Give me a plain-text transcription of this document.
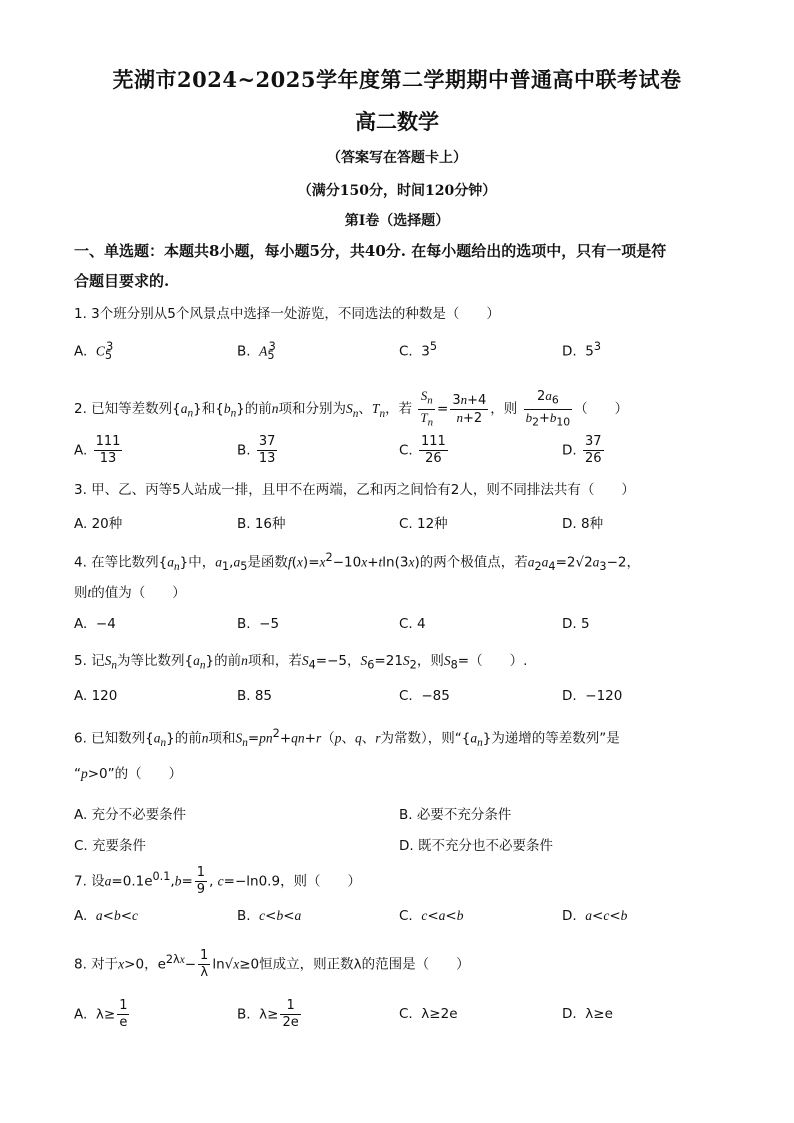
芜湖市2024~2025学年度第二学期期中普通高中联考试卷
高二数学
（答案写在答题卡上）
（满分150分，时间120分钟）
第Ⅰ卷（选择题）
一、单选题：本题共8小题，每小题5分，共40分. 在每小题给出的选项中，只有一项是符
合题目要求的.
1. 3个班分别从5个风景点中选择一处游览，不同选法的种数是（　　）
A. $C_5^3$	B. $A_5^3$	C.  $3^5$	D.  $5^3$
2. 已知等差数列$\{a_n\}$和$\{b_n\}$的前n项和分别为$S_n$、$T_n$，若 $\frac{S_n}{T_n} = \frac{3n+4}{n+2}$ ，则 $\frac{2a_6}{b_2+b_{10}}$ （　　）
A. $\frac{111}{13}$	B. $\frac{37}{13}$	C. $\frac{111}{26}$	D. $\frac{37}{26}$
3. 甲、乙、丙等5人站成一排，且甲不在两端，乙和丙之间恰有2人，则不同排法共有（　　）
A. 20种	B. 16种	C. 12种	D. 8种
4. 在等比数列$\{a_n\}$中，$a_1,a_5$是函数$f(x)=x^2-10x+tln(3x)$的两个极值点，若$a_2a_4=2√2a_3-2$，
则t的值为（　　）
A. −4	B. −5	C. 4	D. 5
5. 记$S_n$为等比数列$\{a_n\}$的前n项和，若$S_4=-5$，$S_6=21S_2$，则$S_8=$（　　）.
A. 120	B. 85	C. −85	D. −120
6. 已知数列$\{a_n\}$的前n项和$S_n=pn^2+qn+r(p$、q、r为常数），则“$\{a_n\}$为递增的等差数列”是
“p>0”的（　　）
A. 充分不必要条件	B. 必要不充分条件
C. 充要条件	D. 既不充分也不必要条件
7. 设$a=0.1e^{0.1},b= \frac{1}{9}$ , c=−ln0.9，则（　　）
A. a<b<c	B. c<b<a	C. c<a<b	D. a<c<b
8. 对于x>0，$e^{2\lambda x}- \frac{1}{\lambda} \ln√x\ge 0$恒成立，则正数λ的范围是（　　）
A.  $\lambda\ge \frac{1}{e}$	B.  $\lambda\ge \frac{1}{2e}$	C.  λ≥2e	D.  λ≥e
